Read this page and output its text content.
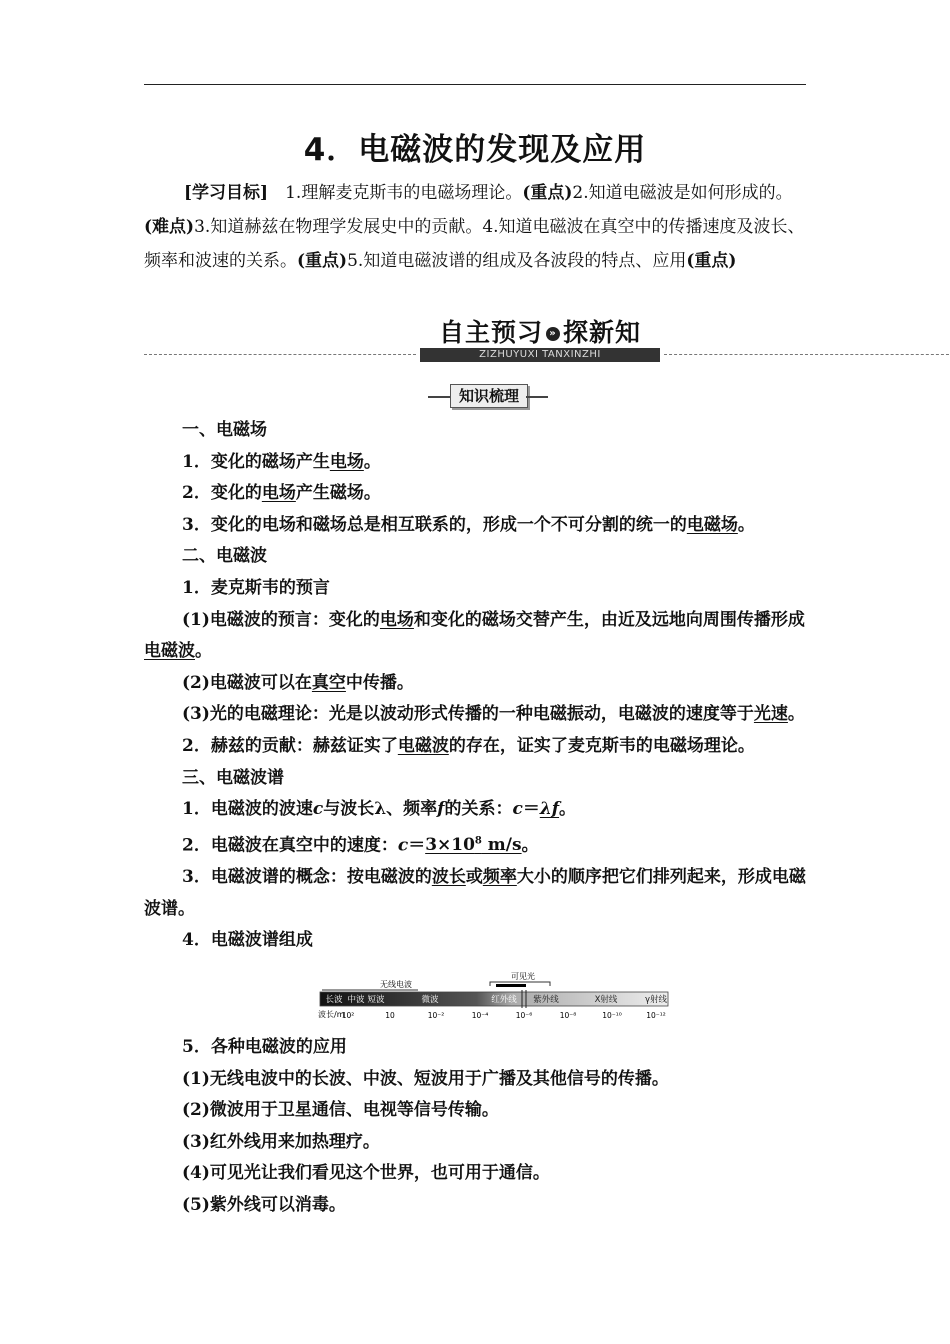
4．电磁波的发现及应用
[学习目标]　 1.理解麦克斯韦的电磁场理论。(重点)2.知道电磁波是如何形成的。(难点)3.知道赫兹在物理学发展史中的贡献。4.知道电磁波在真空中的传播速度及波长、频率和波速的关系。(重点)5.知道电磁波谱的组成及各波段的特点、应用(重点)
自主预习 » 探新知
ZIZHUYUXI TANXINZHI
知识梳理

一、电磁场

1．变化的磁场产生电场。

2．变化的电场产生磁场。

3．变化的电场和磁场总是相互联系的，形成一个不可分割的统一的电磁场。

二、电磁波

1．麦克斯韦的预言

(1)电磁波的预言：变化的电场和变化的磁场交替产生，由近及远地向周围传播形成电磁波。

(2)电磁波可以在真空中传播。

(3)光的电磁理论：光是以波动形式传播的一种电磁振动，电磁波的速度等于光速。

2．赫兹的贡献：赫兹证实了电磁波的存在，证实了麦克斯韦的电磁场理论。

三、电磁波谱

1．电磁波的波速c与波长λ、频率f的关系：c＝λf。

2．电磁波在真空中的速度：$c=3\times 10^8$ m/s。

3．电磁波谱的概念：按电磁波的波长或频率大小的顺序把它们排列起来，形成电磁波谱。

4．电磁波谱组成

无线电波
可见光
长波 中波 短波	微波	红外线 紫外线	X射线	γ射线
波长/m
10²	10	10⁻²	10⁻⁴	10⁻⁶	10⁻⁸	10⁻¹⁰	10⁻¹²

5．各种电磁波的应用

(1)无线电波中的长波、中波、短波用于广播及其他信号的传播。

(2)微波用于卫星通信、电视等信号传输。

(3)红外线用来加热理疗。

(4)可见光让我们看见这个世界，也可用于通信。

(5)紫外线可以消毒。
